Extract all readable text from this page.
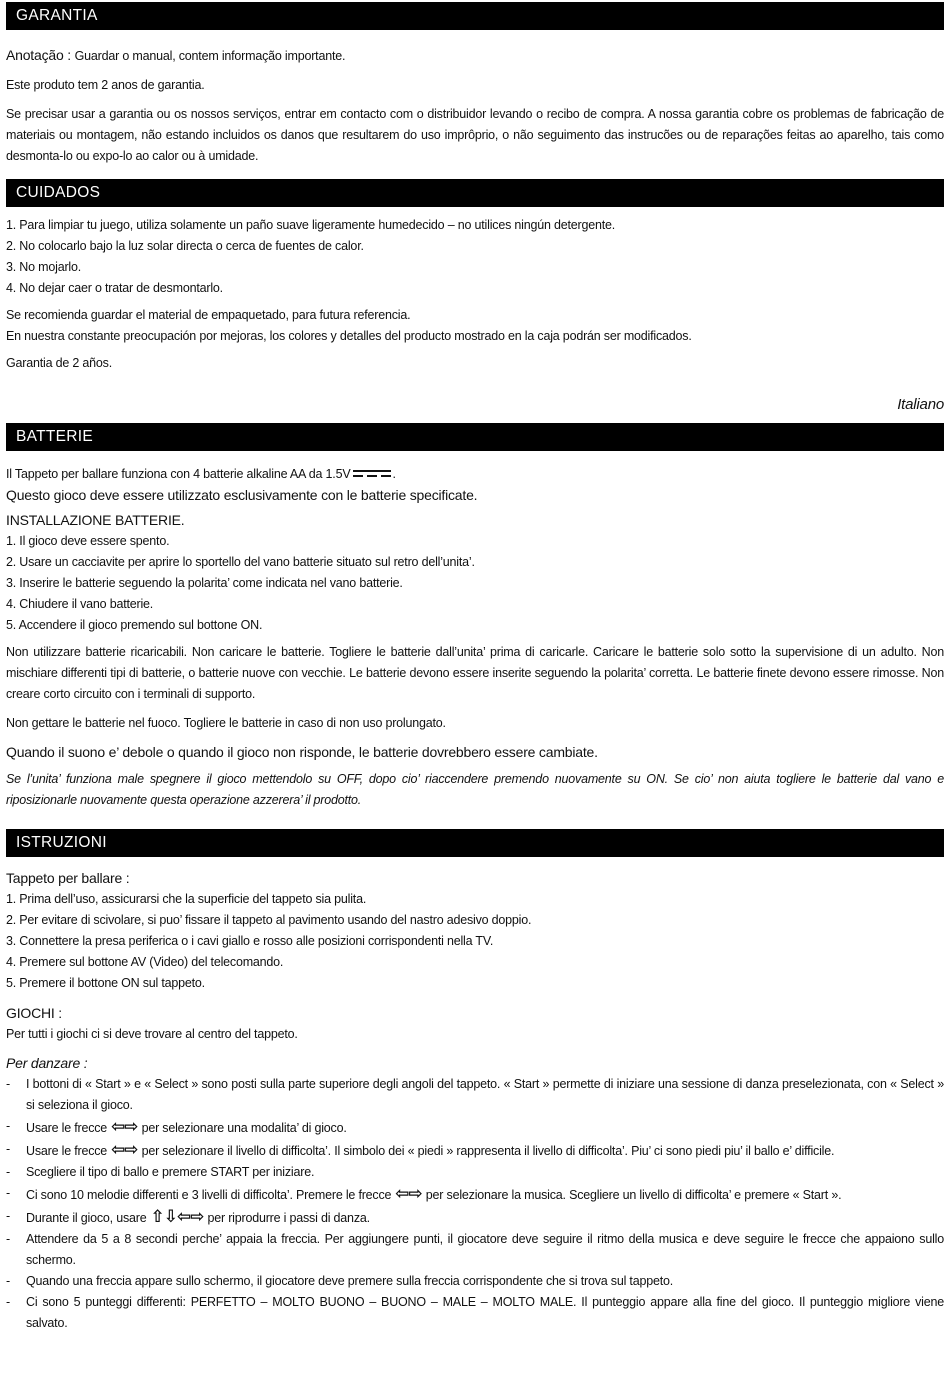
GARANTIA

Anotação : Guardar o manual, contem informação importante.

Este produto tem 2 anos de garantia.

Se precisar usar a garantia ou os nossos serviços, entrar em contacto com o distribuidor levando o recibo de compra. A nossa garantia cobre os problemas de fabricação de materiais ou montagem, não estando incluidos os danos que resultarem do uso imprôprio, o não seguimento das instrucões ou de reparações feitas ao aparelho, tais como desmonta-lo ou expo-lo ao calor ou à umidade.

CUIDADOS

1. Para limpiar tu juego, utiliza solamente un paño suave ligeramente humedecido – no utilices ningún detergente.

2. No colocarlo bajo la luz solar directa o cerca de fuentes de calor.

3. No mojarlo.

4. No dejar caer o tratar de desmontarlo.

Se recomienda guardar el material de empaquetado, para futura referencia.

En nuestra constante preocupación por mejoras, los colores y detalles del producto mostrado en la caja podrán ser modificados.

Garantia de 2 años.

Italiano

BATTERIE

Il Tappeto per ballare funziona con 4 batterie alkaline AA da 1.5V	.

Questo gioco deve essere utilizzato esclusivamente con le batterie specificate.

INSTALLAZIONE BATTERIE.

1. Il gioco deve essere spento.

2. Usare un cacciavite per aprire lo sportello del vano batterie situato sul retro dell’unita’.

3. Inserire le batterie seguendo la polarita’ come indicata nel vano batterie.

4. Chiudere il vano batterie.

5. Accendere il gioco premendo sul bottone ON.

Non utilizzare batterie ricaricabili. Non caricare le batterie. Togliere le batterie dall’unita’ prima di caricarle. Caricare le batterie solo sotto la supervisione di un adulto. Non mischiare differenti tipi di batterie, o batterie nuove con vecchie. Le batterie devono essere inserite seguendo la polarita’ corretta. Le batterie finete devono essere rimosse. Non creare corto circuito con i terminali di supporto.

Non gettare le batterie nel fuoco. Togliere le batterie in caso di non uso prolungato.

Quando il suono e’ debole o quando il gioco non risponde, le batterie dovrebbero essere cambiate.

Se l’unita’ funziona male spegnere il gioco mettendolo su OFF, dopo cio’ riaccendere premendo nuovamente su ON. Se cio’ non aiuta togliere le batterie dal vano e riposizionarle nuovamente questa operazione azzerera’ il prodotto.

ISTRUZIONI

Tappeto per ballare :

1. Prima dell’uso, assicurarsi che la superficie del tappeto sia pulita.

2. Per evitare di scivolare, si puo’ fissare il tappeto al pavimento usando del nastro adesivo doppio.

3. Connettere la presa periferica o i cavi giallo e rosso alle posizioni corrispondenti nella TV.

4. Premere sul bottone AV (Video) del telecomando.

5. Premere il bottone ON sul tappeto.

GIOCHI :

Per tutti i giochi ci si deve trovare al centro del tappeto.

Per danzare :

-	I bottoni di « Start » e « Select » sono posti sulla parte superiore degli angoli del tappeto. « Start » permette di iniziare una sessione di danza preselezionata, con « Select » si seleziona il gioco.
-	Usare le frecce ⇦⇨ per selezionare una modalita’ di gioco.
-	Usare le frecce ⇦⇨ per selezionare il livello di difficolta’. Il simbolo dei « piedi » rappresenta il livello di difficolta’. Piu’ ci sono piedi piu’ il ballo e’ difficile.
-	Scegliere il tipo di ballo e premere START per iniziare.
-	Ci sono 10 melodie differenti e 3 livelli di difficolta’. Premere le frecce ⇦⇨ per selezionare la musica. Scegliere un livello di difficolta’ e premere « Start ».
-	Durante il gioco, usare ⇧⇩⇦⇨ per riprodurre i passi di danza.
-	Attendere da 5 a 8 secondi perche’ appaia la freccia. Per aggiungere punti, il giocatore deve seguire il ritmo della musica e deve seguire le frecce che appaiono sullo schermo.
-	Quando una freccia appare sullo schermo, il giocatore deve premere sulla freccia corrispondente che si trova sul tappeto.
-	Ci sono 5 punteggi differenti: PERFETTO – MOLTO BUONO – BUONO – MALE – MOLTO MALE. Il punteggio appare alla fine del gioco. Il punteggio migliore viene salvato.
